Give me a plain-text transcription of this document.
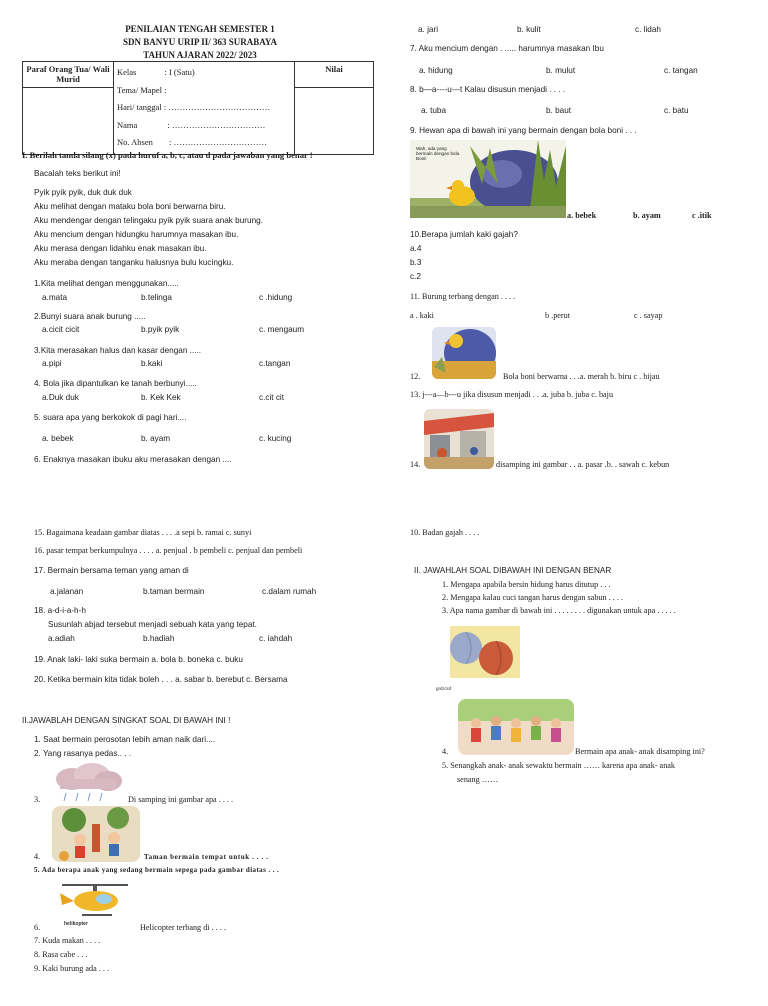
PENILAIAN TENGAH SEMESTER 1
SDN BANYU URIP II/ 363 SURABAYA
TAHUN AJARAN 2022/ 2023
Paraf Orang Tua/ Wali Murid	Kelas : I (Satu)
Tema/ Mapel :
Hari/ tanggal : ………………………………
Nama : ……………………………
No. Absen : ……………………………	Nilai

I. Berilah tanda silang (x) pada huruf a, b, c, atau d pada jawaban yang benar !
Bacalah teks berikut ini!
Pyik pyik pyik, duk duk duk
Aku melihat dengan mataku bola boni berwarna biru.
Aku mendengar dengan telingaku pyik pyik suara anak burung.
Aku mencium dengan hidungku harumnya masakan ibu.
Aku merasa dengan lidahku enak masakan ibu.
Aku meraba dengan tanganku halusnya bulu kucingku.
1.Kita melihat dengan menggunakan.....
a.mata	b.telinga	c .hidung
2.Bunyi suara anak burung .....
a.cicit cicit	b.pyik pyik	c. mengaum
3.Kita merasakan halus dan kasar dengan .....
a.pipi	b.kaki	c.tangan
4. Bola jika dipantulkan ke tanah berbunyi.....
a.Duk duk	b. Kek Kek	c.cit cit
5. suara apa yang berkokok di pagi hari....
a. bebek	b. ayam	c. kucing
6. Enaknya masakan ibuku aku merasakan dengan ....
a. jari	b. kulit	c. lidah
7. Aku mencium dengan . ..... harumnya masakan Ibu
a. hidung	b. mulut	c. tangan
8. b—a----u---t Kalau disusun menjadi . . . .
a. tuba	b. baut	c. batu
9. Hewan apa di bawah ini yang bermain dengan bola boni . . .
Wah, ada yang bermain dengan bola Boni!
a. bebek	b. ayam	c .itik
10.Berapa jumlah kaki gajah?
a.4
b.3
c.2
11. Burung terbang dengan . . . .
a . kaki	b .perut	c . sayap
12.	Bola boni berwarna . . .a. merah b. biru c . hijau
13. j---a—b---u jika disusun menjadi . . .a. juba b. juba c. baju
14.	disamping ini gambar . . a. pasar .b. . sawah c. kebun
15. Bagaimana keadaan gambar diatas . . . .a sepi b. ramai c. sunyi
16. pasar tempat berkumpulnya . . . . a. penjual . b pembeli c. penjual dan pembeli
17. Bermain bersama teman yang aman di
a.jalanan	b.taman bermain	c.dalam rumah
18. a-d-i-a-h-h
Susunlah abjad tersebut menjadi sebuah kata yang tepat.
a.adiah	b.hadiah	c. iahdah
19. Anak laki- laki suka bermain a. bola b. boneka c. buku
20. Ketika bermain kita tidak boleh . . . a. sabar b. berebut c. Bersama
II.JAWABLAH DENGAN SINGKAT SOAL DI BAWAH INI !
1. Saat bermain perosotan lebih aman naik dari....
2. Yang rasanya pedas.. . .
3.	Di samping ini gambar apa . . . .
4.	Taman bermain tempat untuk . . . .
5. Ada berapa anak yang sedang bermain sepega pada gambar diatas . . .
helikopter
6.	Helicopter terbang di . . . .
7. Kuda makan . . . .
8. Rasa cabe . . .
9. Kaki burung ada . . .
10. Badan gajah . . . .
II. JAWAHLAH SOAL DIBAWAH INI DENGAN BENAR
1. Mengapa apabila bersin hidung harus ditutup . . .
2. Mengapa kalau cuci tangan harus dengan sabun . . . .
3. Apa nama gambar di bawah ini . . . . . . . . digunakan untuk apa . . . . .
gnlzclof
4.	Bermain apa anak- anak disamping ini?
5. Senangkah anak- anak sewaktu bermain …… karena apa anak- anak
senang ……
